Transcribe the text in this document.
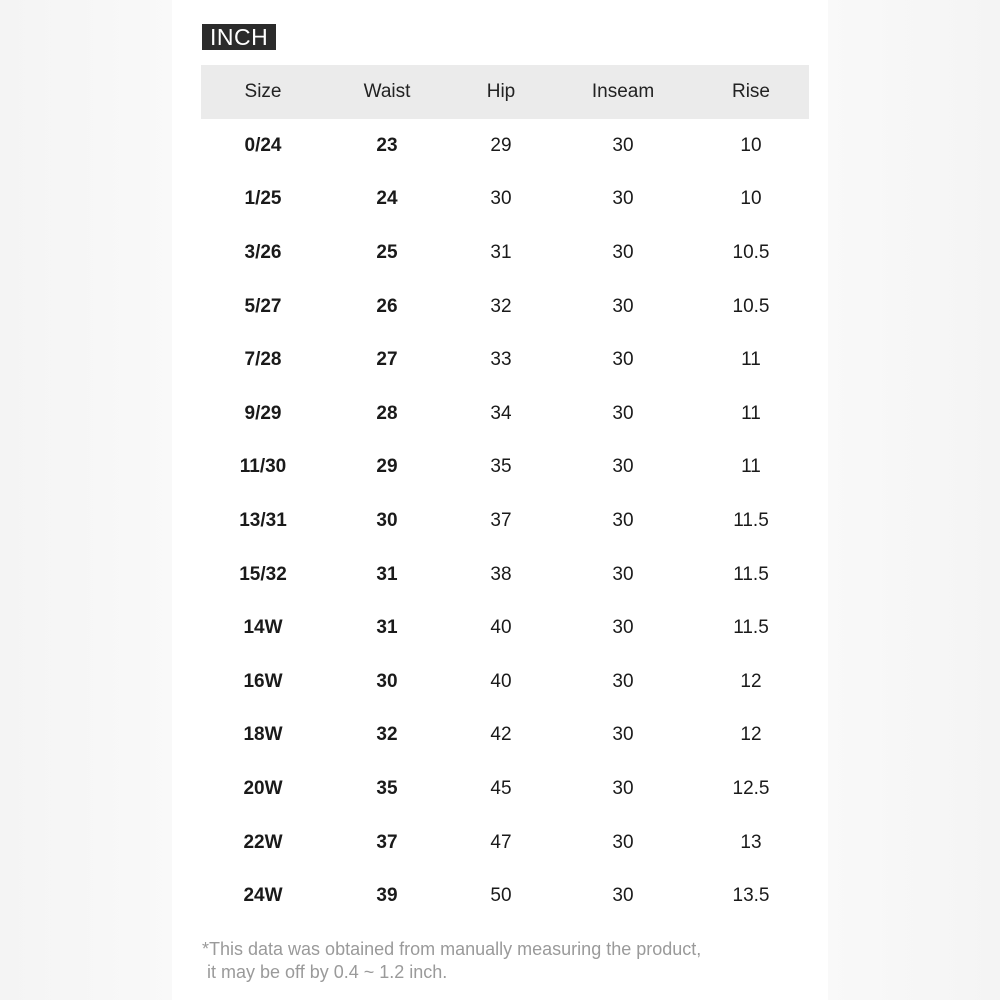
INCH
Size	Waist	Hip	Inseam	Rise
0/24	23	29	30	10
1/25	24	30	30	10
3/26	25	31	30	10.5
5/27	26	32	30	10.5
7/28	27	33	30	11
9/29	28	34	30	11
11/30	29	35	30	11
13/31	30	37	30	11.5
15/32	31	38	30	11.5
14W	31	40	30	11.5
16W	30	40	30	12
18W	32	42	30	12
20W	35	45	30	12.5
22W	37	47	30	13
24W	39	50	30	13.5
*This data was obtained from manually measuring the product,
it may be off by 0.4 ~ 1.2 inch.
